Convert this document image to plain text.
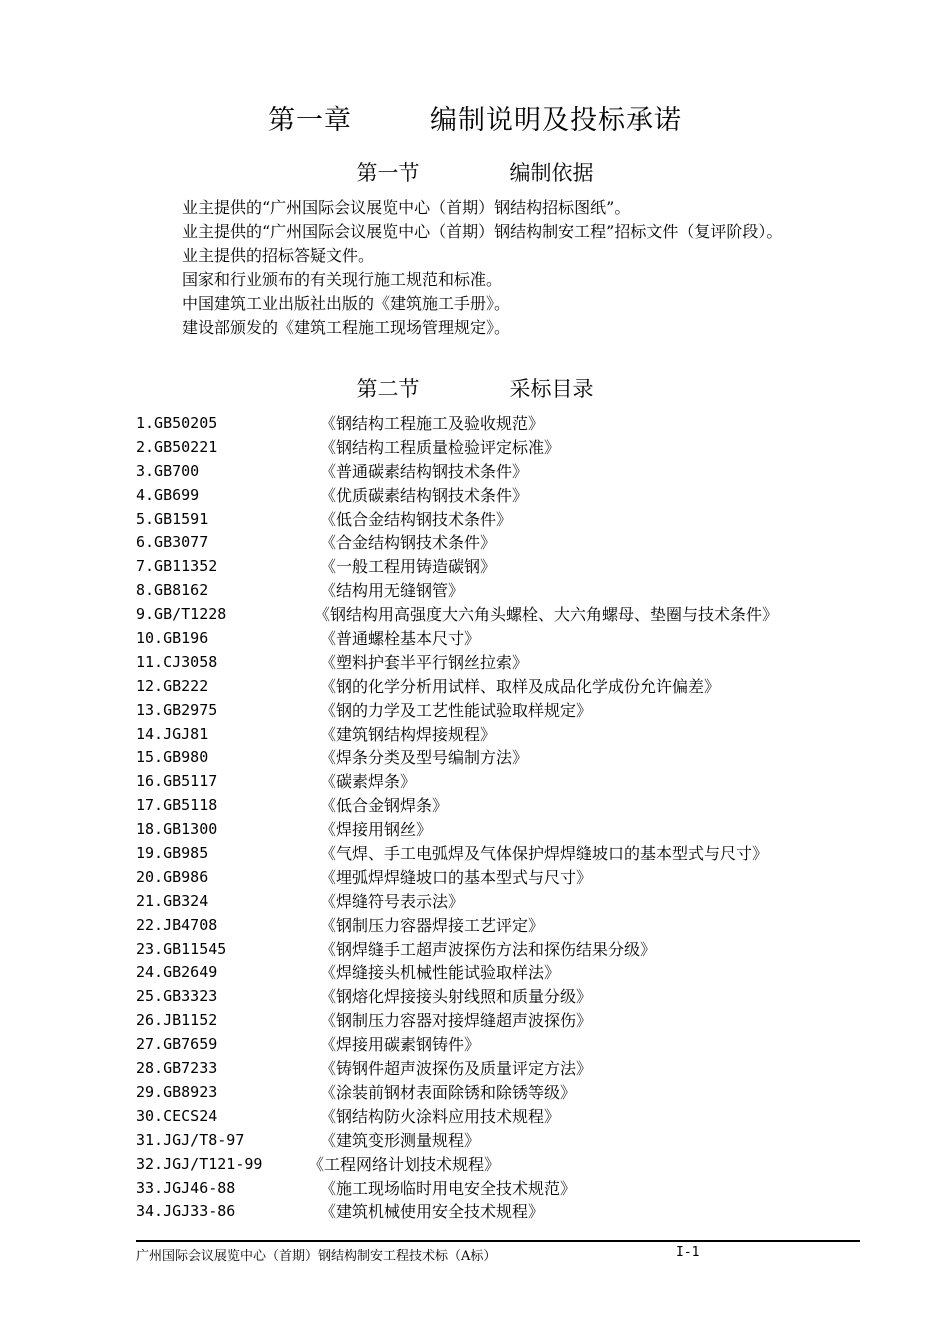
第一章	编制说明及投标承诺
第一节	编制依据

业主提供的“广州国际会议展览中心（首期）钢结构招标图纸”。

业主提供的“广州国际会议展览中心（首期）钢结构制安工程”招标文件（复评阶段）。

业主提供的招标答疑文件。

国家和行业颁布的有关现行施工规范和标准。

中国建筑工业出版社出版的《建筑施工手册》。

建设部颁发的《建筑工程施工现场管理规定》。

第二节	采标目录
1.GB50205	《钢结构工程施工及验收规范》
2.GB50221	《钢结构工程质量检验评定标准》
3.GB700	《普通碳素结构钢技术条件》
4.GB699	《优质碳素结构钢技术条件》
5.GB1591	《低合金结构钢技术条件》
6.GB3077	《合金结构钢技术条件》
7.GB11352	《一般工程用铸造碳钢》
8.GB8162	《结构用无缝钢管》
9.GB/T1228	《钢结构用高强度大六角头螺栓、大六角螺母、垫圈与技术条件》
10.GB196	《普通螺栓基本尺寸》
11.CJ3058	《塑料护套半平行钢丝拉索》
12.GB222	《钢的化学分析用试样、取样及成品化学成份允许偏差》
13.GB2975	《钢的力学及工艺性能试验取样规定》
14.JGJ81	《建筑钢结构焊接规程》
15.GB980	《焊条分类及型号编制方法》
16.GB5117	《碳素焊条》
17.GB5118	《低合金钢焊条》
18.GB1300	《焊接用钢丝》
19.GB985	《气焊、手工电弧焊及气体保护焊焊缝坡口的基本型式与尺寸》
20.GB986	《埋弧焊焊缝坡口的基本型式与尺寸》
21.GB324	《焊缝符号表示法》
22.JB4708	《钢制压力容器焊接工艺评定》
23.GB11545	《钢焊缝手工超声波探伤方法和探伤结果分级》
24.GB2649	《焊缝接头机械性能试验取样法》
25.GB3323	《钢熔化焊接接头射线照和质量分级》
26.JB1152	《钢制压力容器对接焊缝超声波探伤》
27.GB7659	《焊接用碳素钢铸件》
28.GB7233	《铸钢件超声波探伤及质量评定方法》
29.GB8923	《涂装前钢材表面除锈和除锈等级》
30.CECS24	《钢结构防火涂料应用技术规程》
31.JGJ/T8-97	《建筑变形测量规程》
32.JGJ/T121-99	《工程网络计划技术规程》
33.JGJ46-88	《施工现场临时用电安全技术规范》
34.JGJ33-86	《建筑机械使用安全技术规程》
广州国际会议展览中心（首期）钢结构制安工程技术标（A标）	I-1
